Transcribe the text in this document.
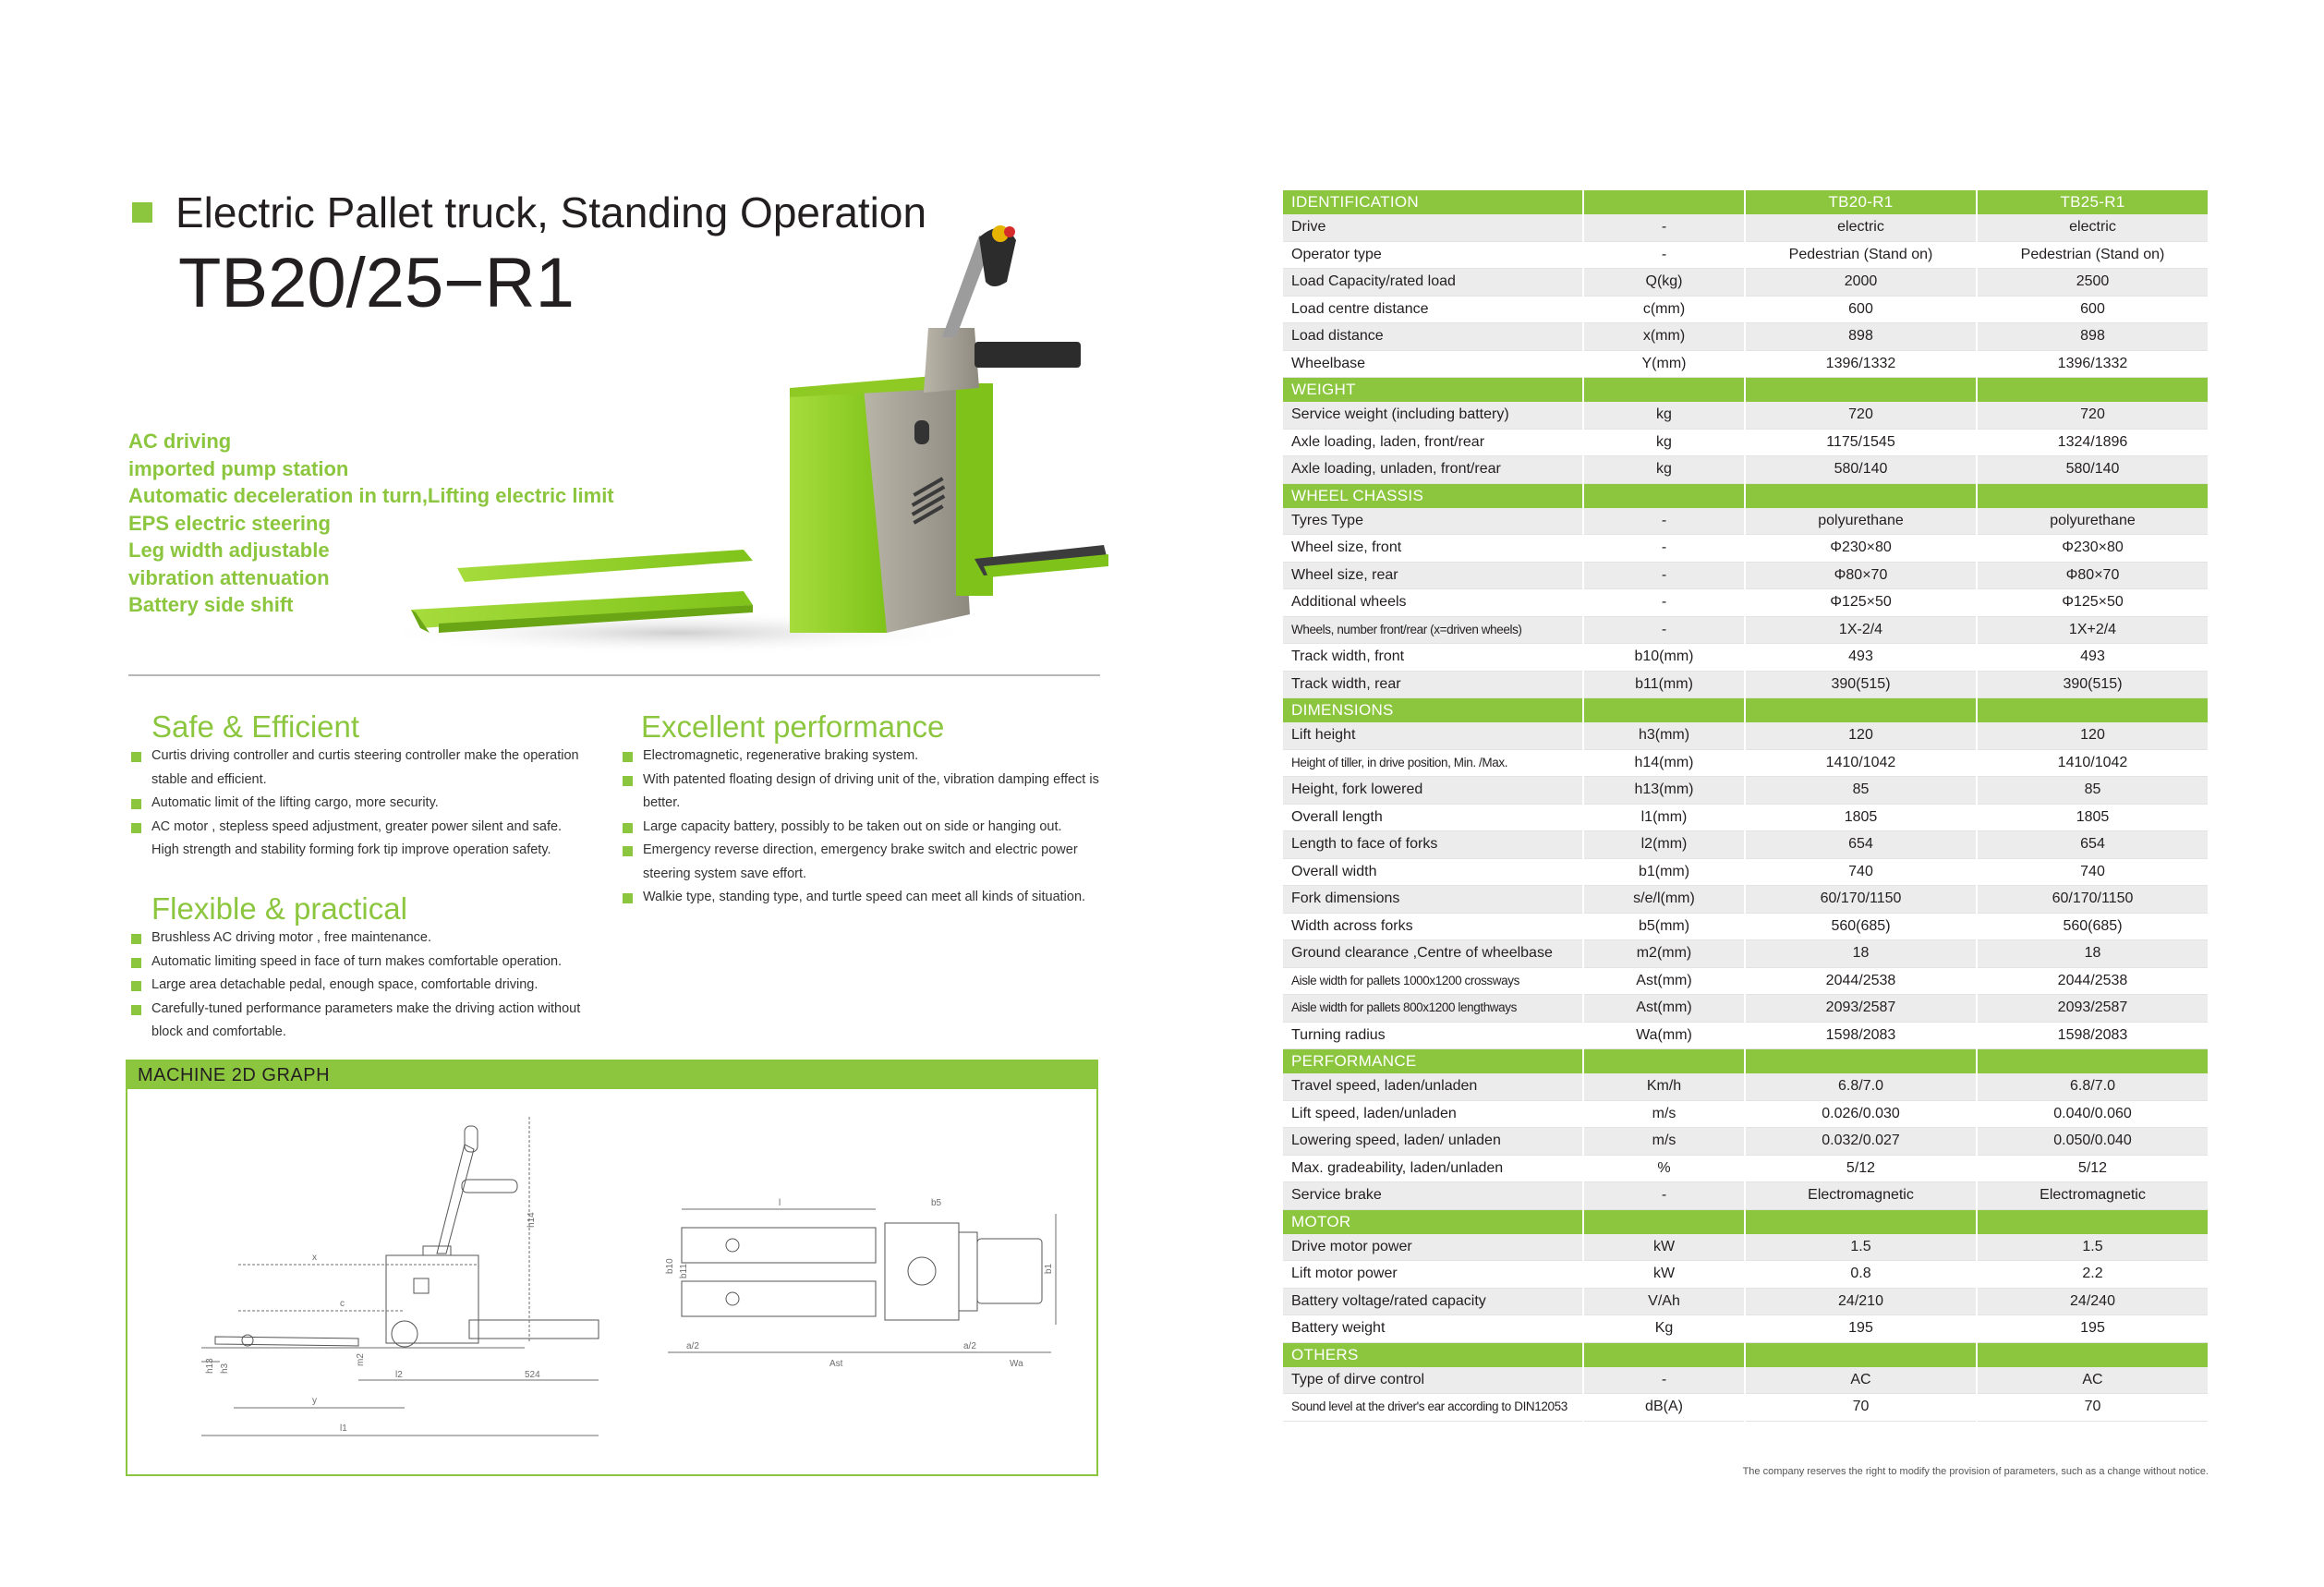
Electric Pallet truck, Standing Operation
TB20/25−R1
AC driving
imported pump station
Automatic deceleration in turn,Lifting electric limit
EPS electric steering
Leg width adjustable
vibration attenuation
Battery side shift
Safe & Efficient
Curtis driving controller and curtis steering controller make the operation stable and efficient.
Automatic limit of the lifting cargo, more security.
AC motor , stepless speed adjustment, greater power silent and safe. High strength and stability forming fork tip improve operation safety.
Excellent performance
Electromagnetic, regenerative braking system.
With patented floating design of driving unit of the, vibration damping effect is better.
Large capacity battery, possibly to be taken out on side or hanging out.
Emergency reverse direction, emergency brake switch and electric power steering system save effort.
Walkie type, standing type, and turtle speed can meet all kinds of situation.
Flexible & practical
Brushless AC driving motor , free maintenance.
Automatic limiting speed in face of turn makes comfortable operation.
Large area detachable pedal, enough space, comfortable driving.
Carefully-tuned performance parameters make the driving action without block and comfortable.
MACHINE 2D GRAPH
h14
x
c
h13 h3
m2
l2	524
y
l1
l	b5
b10 b11	b1
a/2
Ast
a/2
Wa
IDENTIFICATION		TB20-R1	TB25-R1
Drive	-	electric	electric
Operator type	-	Pedestrian (Stand on)	Pedestrian (Stand on)
Load Capacity/rated load	Q(kg)	2000	2500
Load centre distance	c(mm)	600	600
Load distance	x(mm)	898	898
Wheelbase	Y(mm)	1396/1332	1396/1332
WEIGHT			
Service weight (including battery)	kg	720	720
Axle loading, laden, front/rear	kg	1175/1545	1324/1896
Axle loading, unladen, front/rear	kg	580/140	580/140
WHEEL CHASSIS			
Tyres Type	-	polyurethane	polyurethane
Wheel size, front	-	Φ230×80	Φ230×80
Wheel size, rear	-	Φ80×70	Φ80×70
Additional wheels	-	Φ125×50	Φ125×50
Wheels, number front/rear (x=driven wheels)	-	1X-2/4	1X+2/4
Track width, front	b10(mm)	493	493
Track width, rear	b11(mm)	390(515)	390(515)
DIMENSIONS			
Lift height	h3(mm)	120	120
Height of tiller, in drive position, Min. /Max.	h14(mm)	1410/1042	1410/1042
Height, fork lowered	h13(mm)	85	85
Overall length	l1(mm)	1805	1805
Length to face of forks	l2(mm)	654	654
Overall width	b1(mm)	740	740
Fork dimensions	s/e/l(mm)	60/170/1150	60/170/1150
Width across forks	b5(mm)	560(685)	560(685)
Ground clearance ,Centre of wheelbase	m2(mm)	18	18
Aisle width for pallets 1000x1200 crossways	Ast(mm)	2044/2538	2044/2538
Aisle width for pallets 800x1200 lengthways	Ast(mm)	2093/2587	2093/2587
Turning radius	Wa(mm)	1598/2083	1598/2083
PERFORMANCE			
Travel speed, laden/unladen	Km/h	6.8/7.0	6.8/7.0
Lift speed, laden/unladen	m/s	0.026/0.030	0.040/0.060
Lowering speed, laden/ unladen	m/s	0.032/0.027	0.050/0.040
Max. gradeability, laden/unladen	%	5/12	5/12
Service brake	-	Electromagnetic	Electromagnetic
MOTOR			
Drive motor power	kW	1.5	1.5
Lift motor power	kW	0.8	2.2
Battery voltage/rated capacity	V/Ah	24/210	24/240
Battery weight	Kg	195	195
OTHERS			
Type of dirve control	-	AC	AC
Sound level at the driver's ear according to DIN12053	dB(A)	70	70
The company reserves the right to modify the provision of parameters, such as a change without notice.
